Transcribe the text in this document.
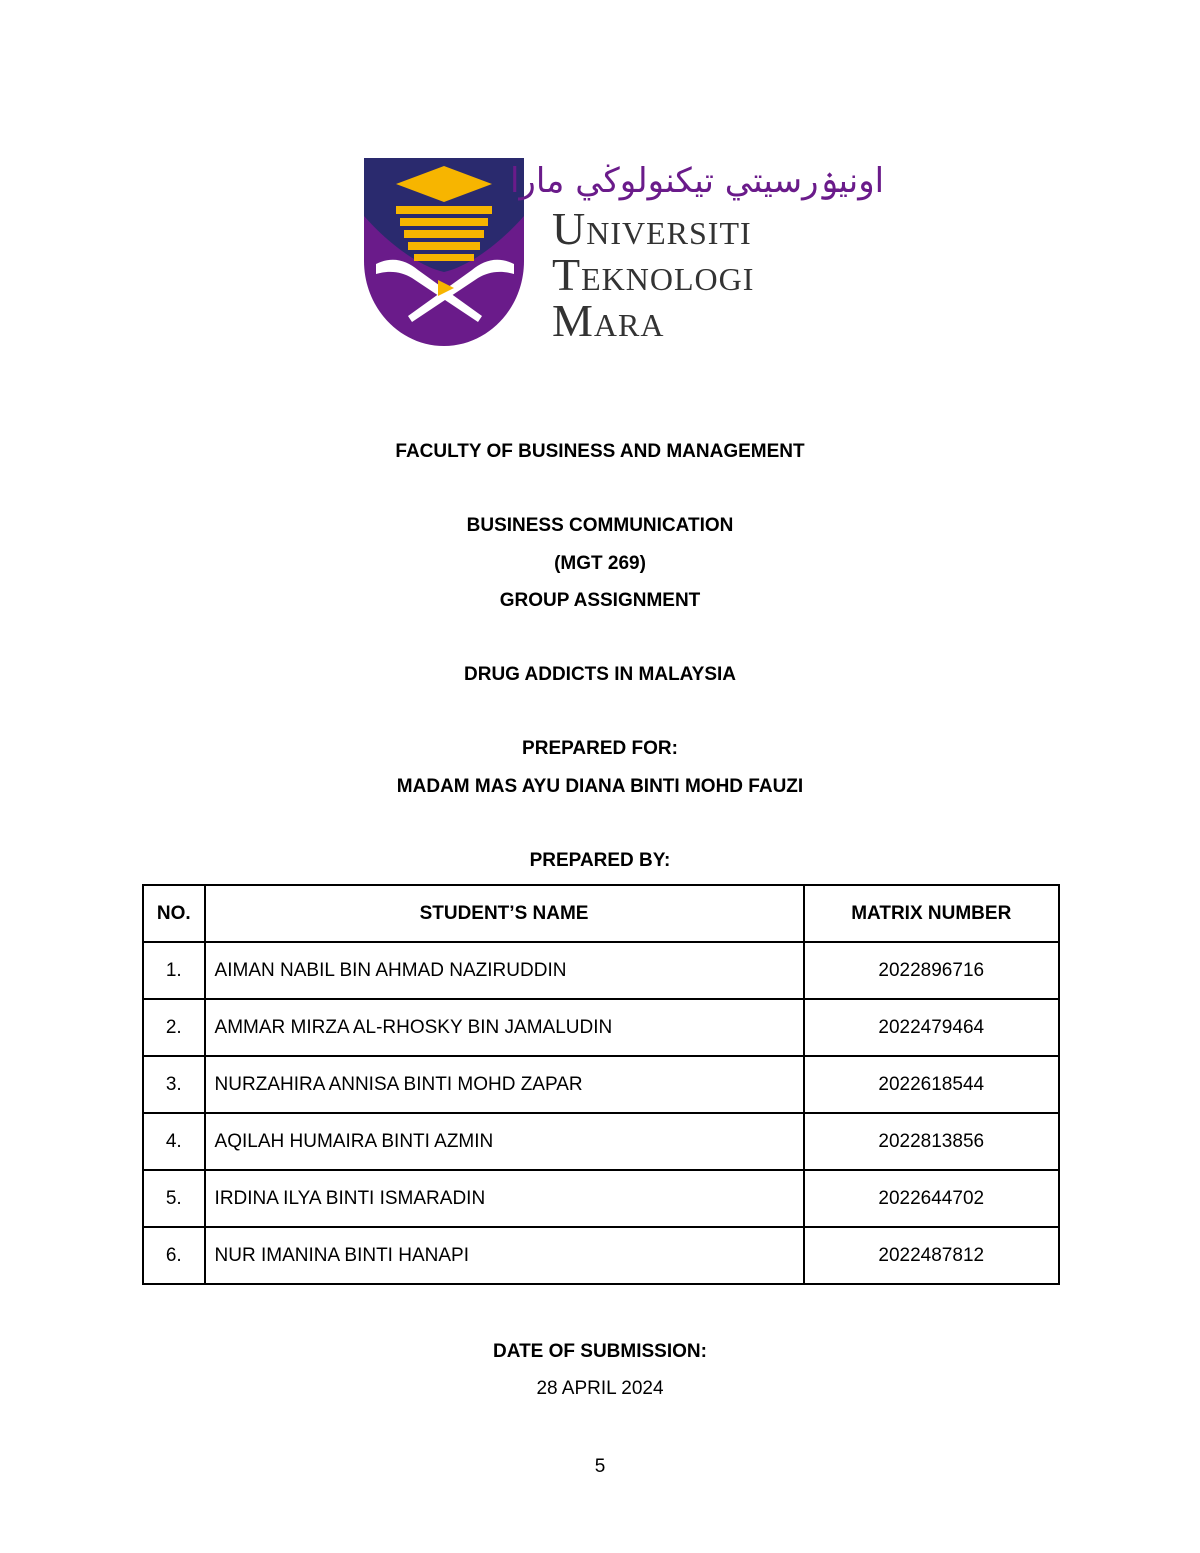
اونيۏرسيتي تيكنولوڬي مارا
Universiti
Teknologi
Mara
FACULTY OF BUSINESS AND MANAGEMENT
BUSINESS COMMUNICATION
(MGT 269)
GROUP ASSIGNMENT
DRUG ADDICTS IN MALAYSIA
PREPARED FOR:
MADAM MAS AYU DIANA BINTI MOHD FAUZI
PREPARED BY:
NO.	STUDENT’S NAME	MATRIX NUMBER
1.	AIMAN NABIL BIN AHMAD NAZIRUDDIN	2022896716
2.	AMMAR MIRZA AL-RHOSKY BIN JAMALUDIN	2022479464
3.	NURZAHIRA ANNISA BINTI MOHD ZAPAR	2022618544
4.	AQILAH HUMAIRA BINTI AZMIN	2022813856
5.	IRDINA ILYA BINTI ISMARADIN	2022644702
6.	NUR IMANINA BINTI HANAPI	2022487812
DATE OF SUBMISSION:
28 APRIL 2024
5
